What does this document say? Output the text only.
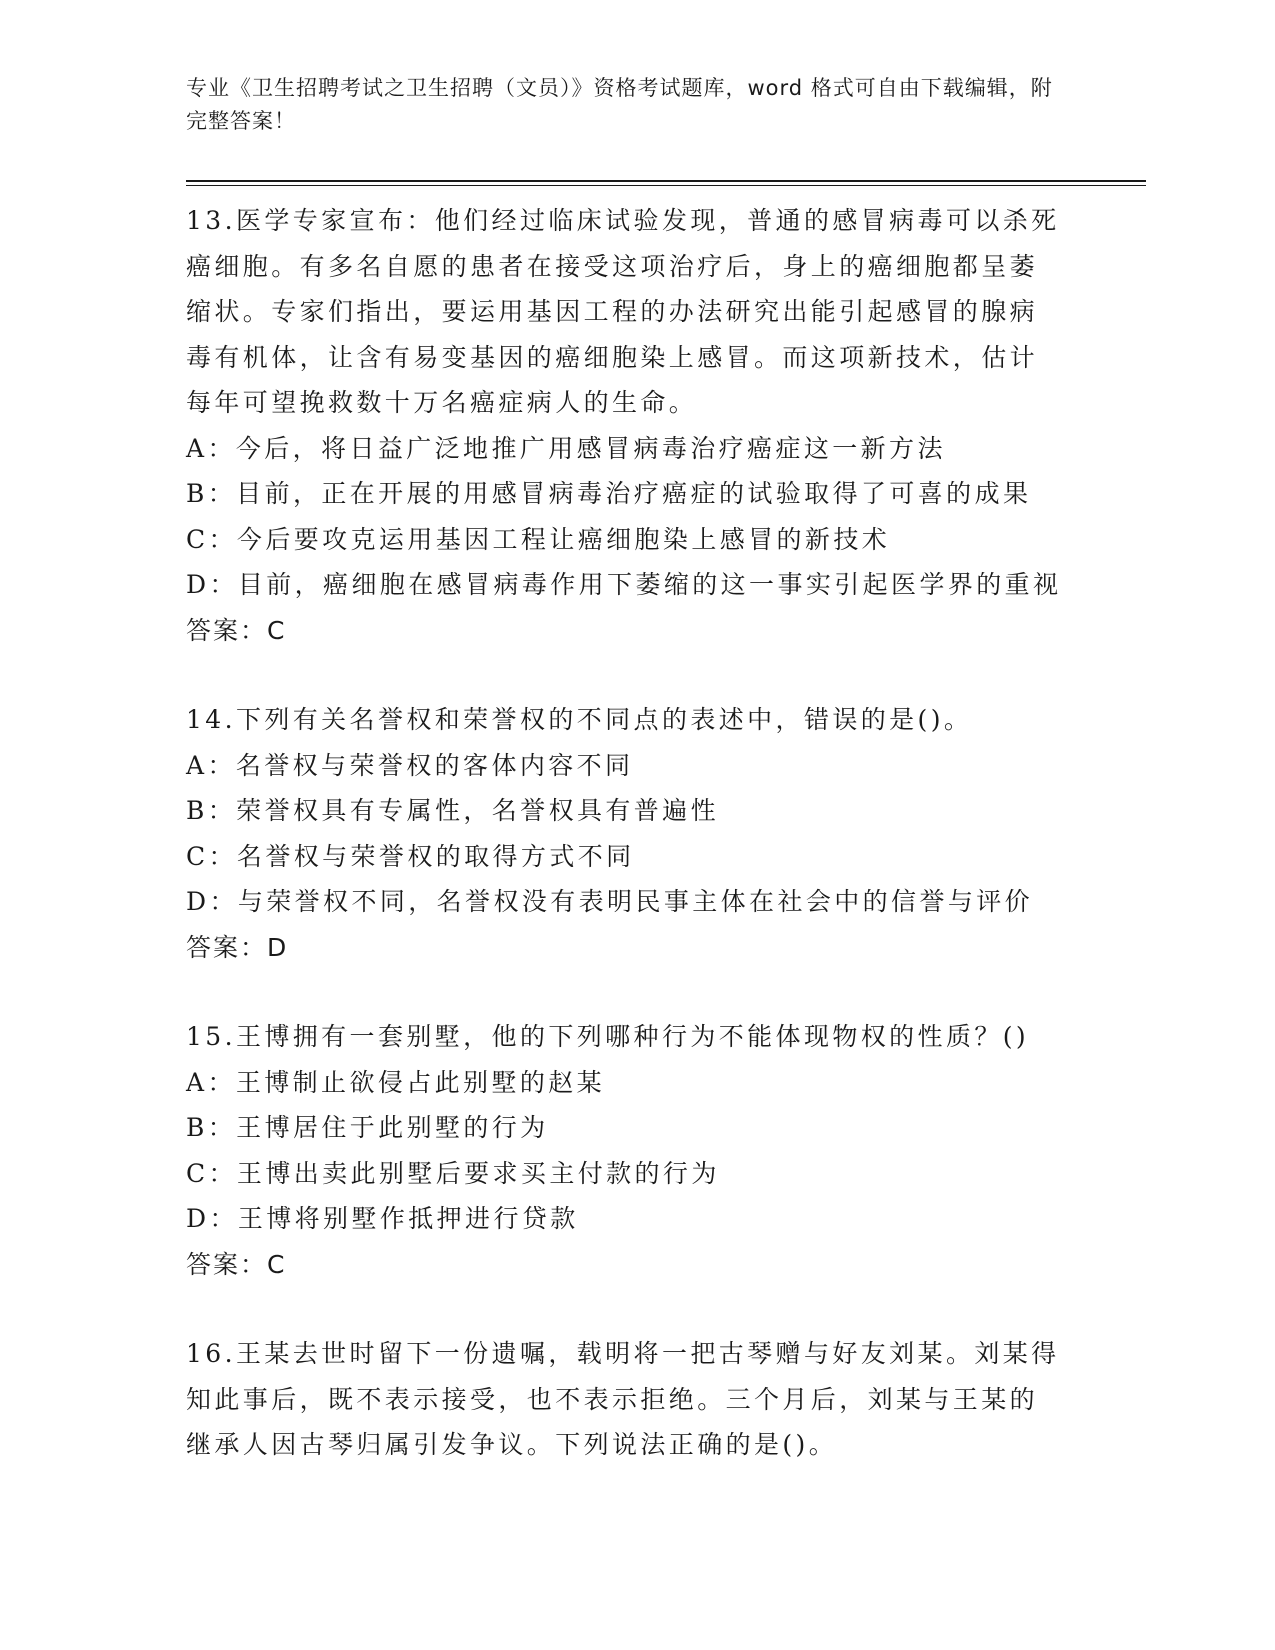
专业《卫生招聘考试之卫生招聘（文员）》资格考试题库，word 格式可自由下载编辑，附完整答案！

13.医学专家宣布：他们经过临床试验发现，普通的感冒病毒可以杀死癌细胞。有多名自愿的患者在接受这项治疗后，身上的癌细胞都呈萎缩状。专家们指出，要运用基因工程的办法研究出能引起感冒的腺病毒有机体，让含有易变基因的癌细胞染上感冒。而这项新技术，估计每年可望挽救数十万名癌症病人的生命。

A：今后，将日益广泛地推广用感冒病毒治疗癌症这一新方法

B：目前，正在开展的用感冒病毒治疗癌症的试验取得了可喜的成果

C：今后要攻克运用基因工程让癌细胞染上感冒的新技术

D：目前，癌细胞在感冒病毒作用下萎缩的这一事实引起医学界的重视

答案：C

14.下列有关名誉权和荣誉权的不同点的表述中，错误的是()。

A：名誉权与荣誉权的客体内容不同

B：荣誉权具有专属性，名誉权具有普遍性

C：名誉权与荣誉权的取得方式不同

D：与荣誉权不同，名誉权没有表明民事主体在社会中的信誉与评价

答案：D

15.王博拥有一套别墅，他的下列哪种行为不能体现物权的性质？()

A：王博制止欲侵占此别墅的赵某

B：王博居住于此别墅的行为

C：王博出卖此别墅后要求买主付款的行为

D：王博将别墅作抵押进行贷款

答案：C

16.王某去世时留下一份遗嘱，载明将一把古琴赠与好友刘某。刘某得知此事后，既不表示接受，也不表示拒绝。三个月后，刘某与王某的继承人因古琴归属引发争议。下列说法正确的是()。
